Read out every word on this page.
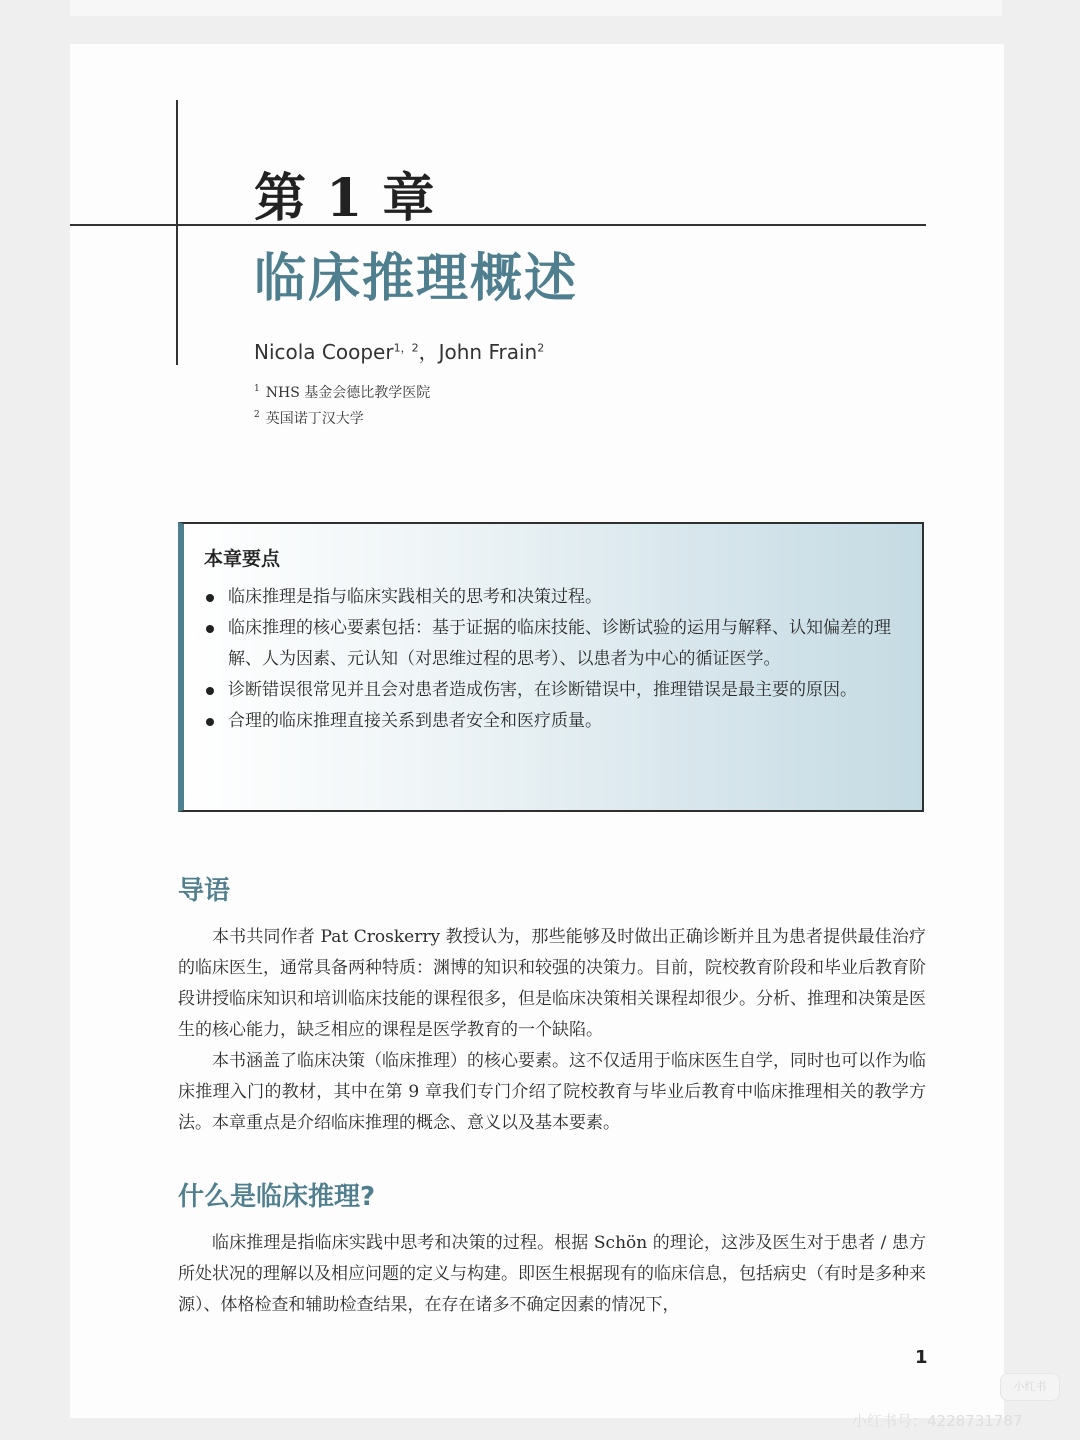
第 1 章
临床推理概述
Nicola Cooper$^{1,2}$，John Frain$^2$
$^1$ NHS 基金会德比教学医院
$^2$ 英国诺丁汉大学
本章要点
临床推理是指与临床实践相关的思考和决策过程。
临床推理的核心要素包括：基于证据的临床技能、诊断试验的运用与解释、认知偏差的理解、人为因素、元认知（对思维过程的思考）、以患者为中心的循证医学。
诊断错误很常见并且会对患者造成伤害，在诊断错误中，推理错误是最主要的原因。
合理的临床推理直接关系到患者安全和医疗质量。
导语

本书共同作者 Pat Croskerry 教授认为，那些能够及时做出正确诊断并且为患者提供最佳治疗的临床医生，通常具备两种特质：渊博的知识和较强的决策力。目前，院校教育阶段和毕业后教育阶段讲授临床知识和培训临床技能的课程很多，但是临床决策相关课程却很少。分析、推理和决策是医生的核心能力，缺乏相应的课程是医学教育的一个缺陷。

本书涵盖了临床决策（临床推理）的核心要素。这不仅适用于临床医生自学，同时也可以作为临床推理入门的教材，其中在第 9 章我们专门介绍了院校教育与毕业后教育中临床推理相关的教学方法。本章重点是介绍临床推理的概念、意义以及基本要素。

什么是临床推理?

临床推理是指临床实践中思考和决策的过程。根据 Schön 的理论，这涉及医生对于患者 / 患方所处状况的理解以及相应问题的定义与构建。即医生根据现有的临床信息，包括病史（有时是多种来源）、体格检查和辅助检查结果，在存在诸多不确定因素的情况下，

1
小红书
小红书号：4228731787
